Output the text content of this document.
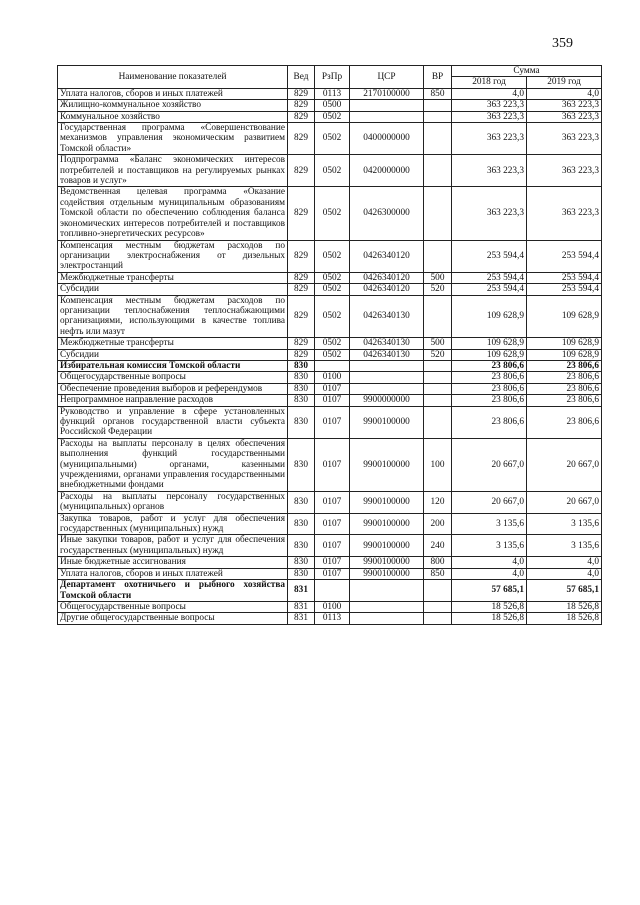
359
Наименование показателей	Вед	РзПр	ЦСР	ВР	Сумма	
					2018 год	2019 год
Уплата налогов, сборов и иных платежей	829	0113	2170100000	850	4,0	4,0
Жилищно-коммунальное хозяйство	829	0500			363 223,3	363 223,3
Коммунальное хозяйство	829	0502			363 223,3	363 223,3
Государственная программа «Совершенствование механизмов управления экономическим развитием Томской области»	829	0502	0400000000		363 223,3	363 223,3
Подпрограмма «Баланс экономических интересов потребителей и поставщиков на регулируемых рынках товаров и услуг»	829	0502	0420000000		363 223,3	363 223,3
Ведомственная целевая программа «Оказание содействия отдельным муниципальным образованиям Томской области по обеспечению соблюдения баланса экономических интересов потребителей и поставщиков топливно-энергетических ресурсов»	829	0502	0426300000		363 223,3	363 223,3
Компенсация местным бюджетам расходов по организации электроснабжения от дизельных электростанций	829	0502	0426340120		253 594,4	253 594,4
Межбюджетные трансферты	829	0502	0426340120	500	253 594,4	253 594,4
Субсидии	829	0502	0426340120	520	253 594,4	253 594,4
Компенсация местным бюджетам расходов по организации теплоснабжения теплоснабжающими организациями, использующими в качестве топлива нефть или мазут	829	0502	0426340130		109 628,9	109 628,9
Межбюджетные трансферты	829	0502	0426340130	500	109 628,9	109 628,9
Субсидии	829	0502	0426340130	520	109 628,9	109 628,9
Избирательная комиссия Томской области	830				23 806,6	23 806,6
Общегосударственные вопросы	830	0100			23 806,6	23 806,6
Обеспечение проведения выборов и референдумов	830	0107			23 806,6	23 806,6
Непрограммное направление расходов	830	0107	9900000000		23 806,6	23 806,6
Руководство и управление в сфере установленных функций органов государственной власти субъекта Российской Федерации	830	0107	9900100000		23 806,6	23 806,6
Расходы на выплаты персоналу в целях обеспечения выполнения функций государственными (муниципальными) органами, казенными учреждениями, органами управления государственными внебюджетными фондами	830	0107	9900100000	100	20 667,0	20 667,0
Расходы на выплаты персоналу государственных (муниципальных) органов	830	0107	9900100000	120	20 667,0	20 667,0
Закупка товаров, работ и услуг для обеспечения государственных (муниципальных) нужд	830	0107	9900100000	200	3 135,6	3 135,6
Иные закупки товаров, работ и услуг для обеспечения государственных (муниципальных) нужд	830	0107	9900100000	240	3 135,6	3 135,6
Иные бюджетные ассигнования	830	0107	9900100000	800	4,0	4,0
Уплата налогов, сборов и иных платежей	830	0107	9900100000	850	4,0	4,0
Департамент охотничьего и рыбного хозяйства Томской области	831				57 685,1	57 685,1
Общегосударственные вопросы	831	0100			18 526,8	18 526,8
Другие общегосударственные вопросы	831	0113			18 526,8	18 526,8
